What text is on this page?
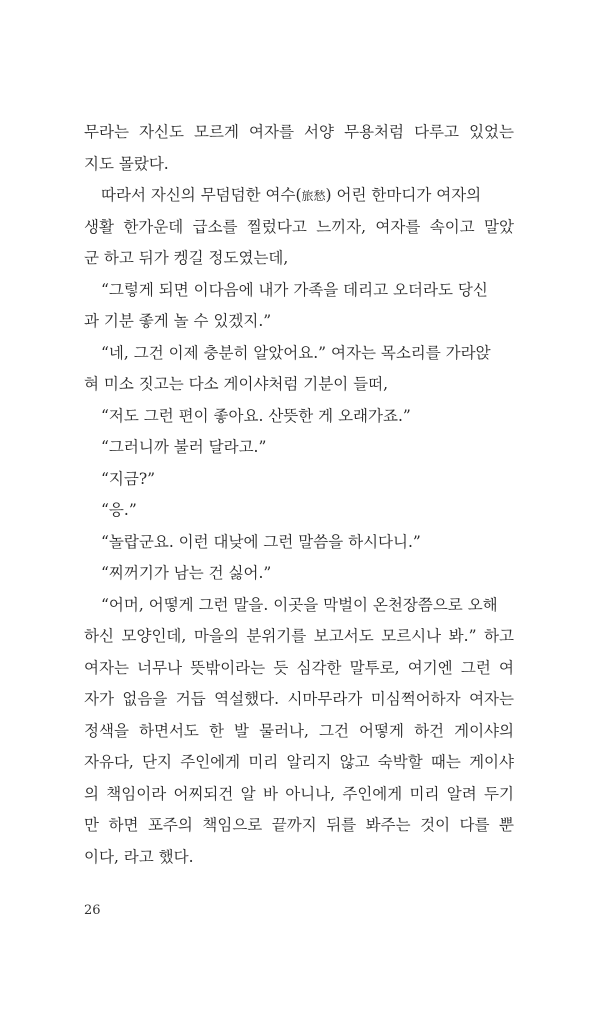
무라는 자신도 모르게 여자를 서양 무용처럼 다루고 있었는
지도 몰랐다.
따라서 자신의 무덤덤한 여수(旅愁) 어린 한마디가 여자의
생활 한가운데 급소를 찔렀다고 느끼자, 여자를 속이고 말았
군 하고 뒤가 켕길 정도였는데,
“그렇게 되면 이다음에 내가 가족을 데리고 오더라도 당신
과 기분 좋게 놀 수 있겠지.”
“네, 그건 이제 충분히 알았어요.” 여자는 목소리를 가라앉
혀 미소 짓고는 다소 게이샤처럼 기분이 들떠,
“저도 그런 편이 좋아요. 산뜻한 게 오래가죠.”
“그러니까 불러 달라고.”
“지금?”
“응.”
“놀랍군요. 이런 대낮에 그런 말씀을 하시다니.”
“찌꺼기가 남는 건 싫어.”
“어머, 어떻게 그런 말을. 이곳을 막벌이 온천장쯤으로 오해
하신 모양인데, 마을의 분위기를 보고서도 모르시나 봐.” 하고
여자는 너무나 뜻밖이라는 듯 심각한 말투로, 여기엔 그런 여
자가 없음을 거듭 역설했다. 시마무라가 미심쩍어하자 여자는
정색을 하면서도 한 발 물러나, 그건 어떻게 하건 게이샤의
자유다, 단지 주인에게 미리 알리지 않고 숙박할 때는 게이샤
의 책임이라 어찌되건 알 바 아니나, 주인에게 미리 알려 두기
만 하면 포주의 책임으로 끝까지 뒤를 봐주는 것이 다를 뿐
이다, 라고 했다.
26
